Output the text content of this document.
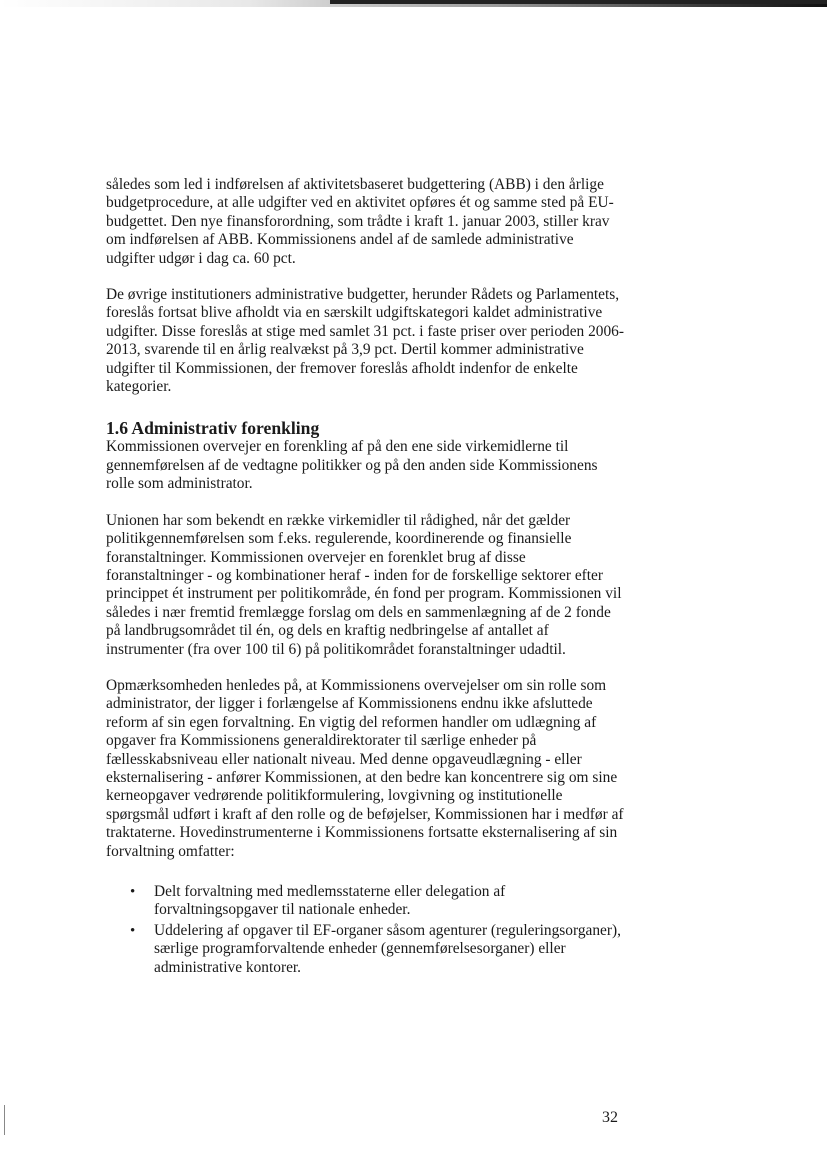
således som led i indførelsen af aktivitetsbaseret budgettering (ABB) i den årlige budgetprocedure, at alle udgifter ved en aktivitet opføres ét og samme sted på EU-budgettet. Den nye finansforordning, som trådte i kraft 1. januar 2003, stiller krav om indførelsen af ABB. Kommissionens andel af de samlede administrative udgifter udgør i dag ca. 60 pct.

De øvrige institutioners administrative budgetter, herunder Rådets og Parlamentets, foreslås fortsat blive afholdt via en særskilt udgiftskategori kaldet administrative udgifter. Disse foreslås at stige med samlet 31 pct. i faste priser over perioden 2006-2013, svarende til en årlig realvækst på 3,9 pct. Dertil kommer administrative udgifter til Kommissionen, der fremover foreslås afholdt indenfor de enkelte kategorier.

1.6 Administrativ forenkling

Kommissionen overvejer en forenkling af på den ene side virkemidlerne til gennemførelsen af de vedtagne politikker og på den anden side Kommissionens rolle som administrator.

Unionen har som bekendt en række virkemidler til rådighed, når det gælder politikgennemførelsen som f.eks. regulerende, koordinerende og finansielle foranstaltninger. Kommissionen overvejer en forenklet brug af disse foranstaltninger - og kombinationer heraf - inden for de forskellige sektorer efter princippet ét instrument per politikområde, én fond per program. Kommissionen vil således i nær fremtid fremlægge forslag om dels en sammenlægning af de 2 fonde på landbrugsområdet til én, og dels en kraftig nedbringelse af antallet af instrumenter (fra over 100 til 6) på politikområdet foranstaltninger udadtil.

Opmærksomheden henledes på, at Kommissionens overvejelser om sin rolle som administrator, der ligger i forlængelse af Kommissionens endnu ikke afsluttede reform af sin egen forvaltning. En vigtig del reformen handler om udlægning af opgaver fra Kommissionens generaldirektorater til særlige enheder på fællesskabsniveau eller nationalt niveau. Med denne opgaveudlægning - eller eksternalisering - anfører Kommissionen, at den bedre kan koncentrere sig om sine kerneopgaver vedrørende politikformulering, lovgivning og institutionelle spørgsmål udført i kraft af den rolle og de beføjelser, Kommissionen har i medfør af traktaterne. Hovedinstrumenterne i Kommissionens fortsatte eksternalisering af sin forvaltning omfatter:

• Delt forvaltning med medlemsstaterne eller delegation af forvaltningsopgaver til nationale enheder.
• Uddelering af opgaver til EF-organer såsom agenturer (reguleringsorganer), særlige programforvaltende enheder (gennemførelsesorganer) eller administrative kontorer.
32
